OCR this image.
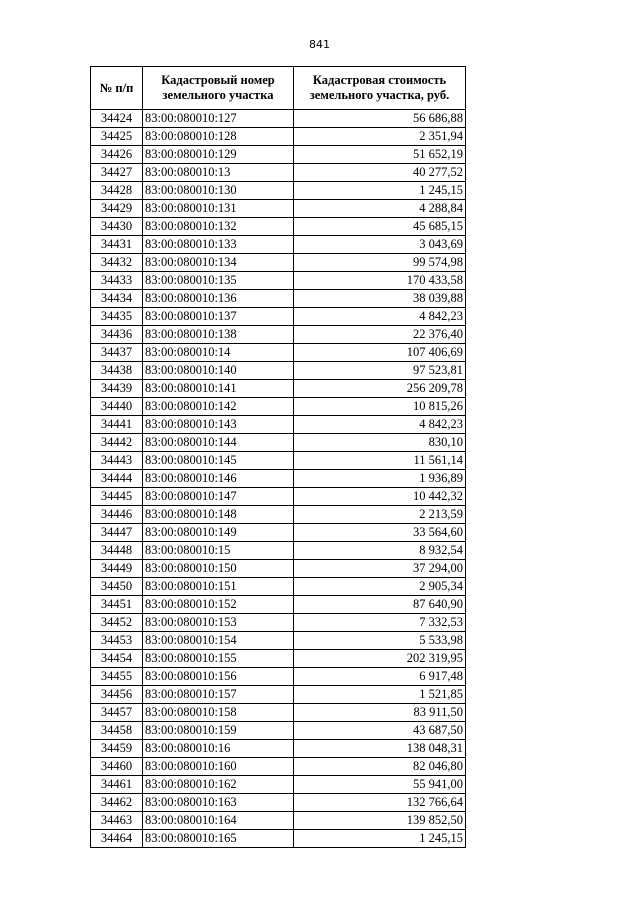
841
№ п/п	Кадастровый номер земельного участка	Кадастровая стоимость земельного участка, руб.
34424	83:00:080010:127	56 686,88
34425	83:00:080010:128	2 351,94
34426	83:00:080010:129	51 652,19
34427	83:00:080010:13	40 277,52
34428	83:00:080010:130	1 245,15
34429	83:00:080010:131	4 288,84
34430	83:00:080010:132	45 685,15
34431	83:00:080010:133	3 043,69
34432	83:00:080010:134	99 574,98
34433	83:00:080010:135	170 433,58
34434	83:00:080010:136	38 039,88
34435	83:00:080010:137	4 842,23
34436	83:00:080010:138	22 376,40
34437	83:00:080010:14	107 406,69
34438	83:00:080010:140	97 523,81
34439	83:00:080010:141	256 209,78
34440	83:00:080010:142	10 815,26
34441	83:00:080010:143	4 842,23
34442	83:00:080010:144	830,10
34443	83:00:080010:145	11 561,14
34444	83:00:080010:146	1 936,89
34445	83:00:080010:147	10 442,32
34446	83:00:080010:148	2 213,59
34447	83:00:080010:149	33 564,60
34448	83:00:080010:15	8 932,54
34449	83:00:080010:150	37 294,00
34450	83:00:080010:151	2 905,34
34451	83:00:080010:152	87 640,90
34452	83:00:080010:153	7 332,53
34453	83:00:080010:154	5 533,98
34454	83:00:080010:155	202 319,95
34455	83:00:080010:156	6 917,48
34456	83:00:080010:157	1 521,85
34457	83:00:080010:158	83 911,50
34458	83:00:080010:159	43 687,50
34459	83:00:080010:16	138 048,31
34460	83:00:080010:160	82 046,80
34461	83:00:080010:162	55 941,00
34462	83:00:080010:163	132 766,64
34463	83:00:080010:164	139 852,50
34464	83:00:080010:165	1 245,15
